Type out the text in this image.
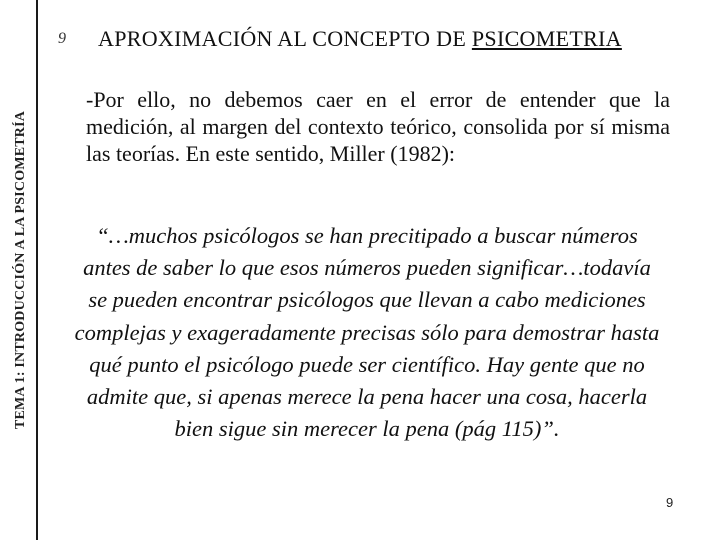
TEMA 1: INTRODUCCIÓN A LA PSICOMETRÍA
9 APROXIMACIÓN AL CONCEPTO DE PSICOMETRIA

-Por ello, no debemos caer en el error de entender que la medición, al margen del contexto teórico, consolida por sí misma las teorías. En este sentido, Miller (1982):

“…muchos psicólogos se han precitipado a buscar números antes de saber lo que esos números pueden significar…todavía se pueden encontrar psicólogos que llevan a cabo mediciones complejas y exageradamente precisas sólo para demostrar hasta qué punto el psicólogo puede ser científico. Hay gente que no admite que, si apenas merece la pena hacer una cosa, hacerla bien sigue sin merecer la pena (pág 115)”.

9
